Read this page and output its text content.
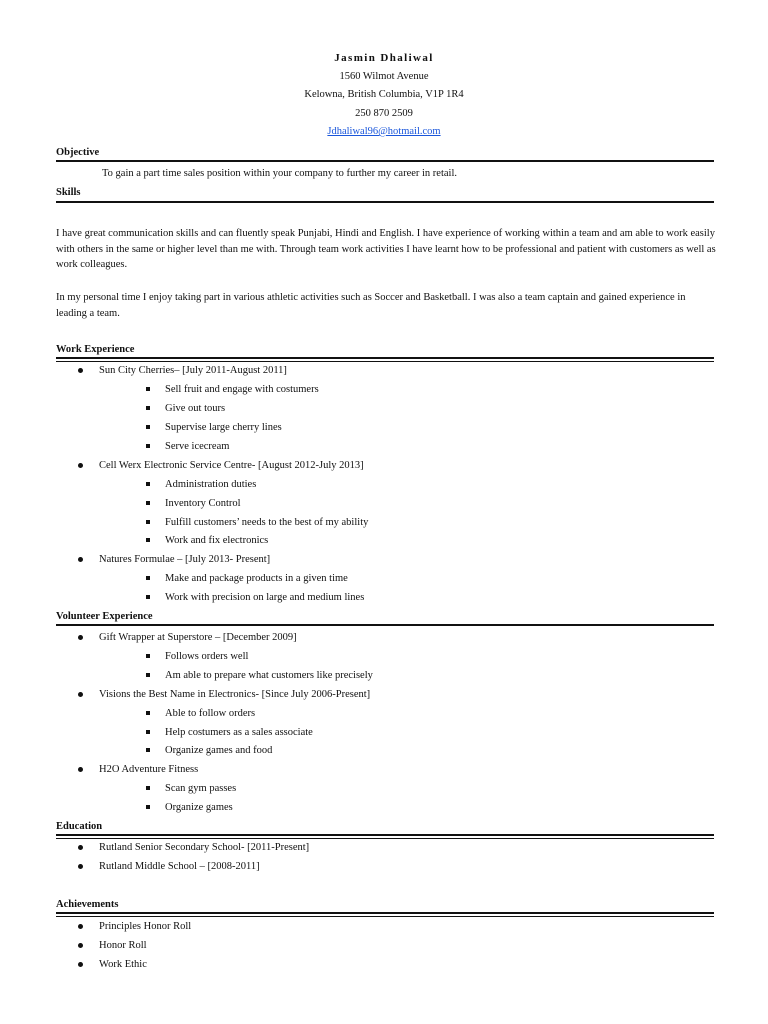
Jasmin Dhaliwal
1560 Wilmot Avenue
Kelowna, British Columbia, V1P 1R4
250 870 2509
Jdhaliwal96@hotmail.com
Objective
To gain a part time sales position within your company to further my career in retail.
Skills
I have great communication skills and can fluently speak Punjabi, Hindi and English. I have experience of working within a team and am able to work easily with others in the same or higher level than me with. Through team work activities I have learnt how to be professional and patient with customers as well as work colleagues.
In my personal time I enjoy taking part in various athletic activities such as Soccer and Basketball. I was also a team captain and gained experience in leading a team.
Work Experience
Sun City Cherries– [July 2011-August 2011]
Sell fruit and engage with costumers
Give out tours
Supervise large cherry lines
Serve icecream
Cell Werx Electronic Service Centre- [August 2012-July 2013]
Administration duties
Inventory Control
Fulfill customers’ needs to the best of my ability
Work and fix electronics
Natures Formulae – [July 2013- Present]
Make and package products in a given time
Work with precision on large and medium lines
Volunteer Experience
Gift Wrapper at Superstore – [December 2009]
Follows orders well
Am able to prepare what customers like precisely
Visions the Best Name in Electronics- [Since July 2006-Present]
Able to follow orders
Help costumers as a sales associate
Organize games and food
H2O Adventure Fitness
Scan gym passes
Organize games
Education
Rutland Senior Secondary School- [2011-Present]
Rutland Middle School – [2008-2011]
Achievements
Principles Honor Roll
Honor Roll
Work Ethic
